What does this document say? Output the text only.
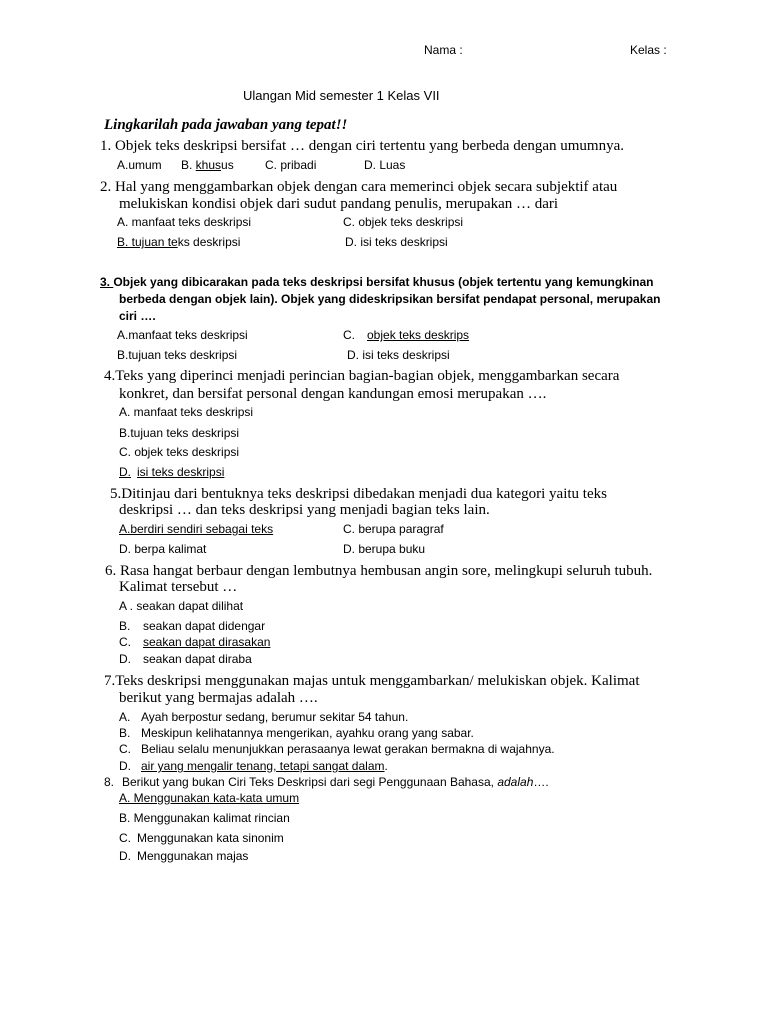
Nama :	Kelas :
Ulangan Mid semester 1 Kelas VII
Lingkarilah pada jawaban yang tepat!!
1. Objek teks deskripsi bersifat … dengan ciri tertentu yang berbeda dengan umumnya.
A.umum B. khusus	C. pribadi	D. Luas
2. Hal yang menggambarkan objek dengan cara memerinci objek secara subjektif atau
melukiskan kondisi objek dari sudut pandang penulis, merupakan … dari
A. manfaat teks deskripsi	C. objek teks deskripsi
B. tujuan teks deskripsi	D. isi teks deskripsi
3. Objek yang dibicarakan pada teks deskripsi bersifat khusus (objek tertentu yang kemungkinan
berbeda dengan objek lain). Objek yang dideskripsikan bersifat pendapat personal, merupakan
ciri ….
A.manfaat teks deskripsi	C. objek teks deskrips
B.tujuan teks deskripsi	D. isi teks deskripsi
4.Teks yang diperinci menjadi perincian bagian-bagian objek, menggambarkan secara
konkret, dan bersifat personal dengan kandungan emosi merupakan ….
A. manfaat teks deskripsi
B.tujuan teks deskripsi
C. objek teks deskripsi
D. isi teks deskripsi
5.Ditinjau dari bentuknya teks deskripsi dibedakan menjadi dua kategori yaitu teks
deskripsi … dan teks deskripsi yang menjadi bagian teks lain.
A.berdiri sendiri sebagai teks	C. berupa paragraf
D. berpa kalimat	D. berupa buku
6. Rasa hangat berbaur dengan lembutnya hembusan angin sore, melingkupi seluruh tubuh.
Kalimat tersebut …
A . seakan dapat dilihat
B. seakan dapat didengar
C. seakan dapat dirasakan
D. seakan dapat diraba
7.Teks deskripsi menggunakan majas untuk menggambarkan/ melukiskan objek. Kalimat
berikut yang bermajas adalah ….
A. Ayah berpostur sedang, berumur sekitar 54 tahun.
B. Meskipun kelihatannya mengerikan, ayahku orang yang sabar.
C. Beliau selalu menunjukkan perasaanya lewat gerakan bermakna di wajahnya.
D. air yang mengalir tenang, tetapi sangat dalam.
8. Berikut yang bukan Ciri Teks Deskripsi dari segi Penggunaan Bahasa, adalah….
A. Menggunakan kata-kata umum
B. Menggunakan kalimat rincian
C. Menggunakan kata sinonim
D. Menggunakan majas
